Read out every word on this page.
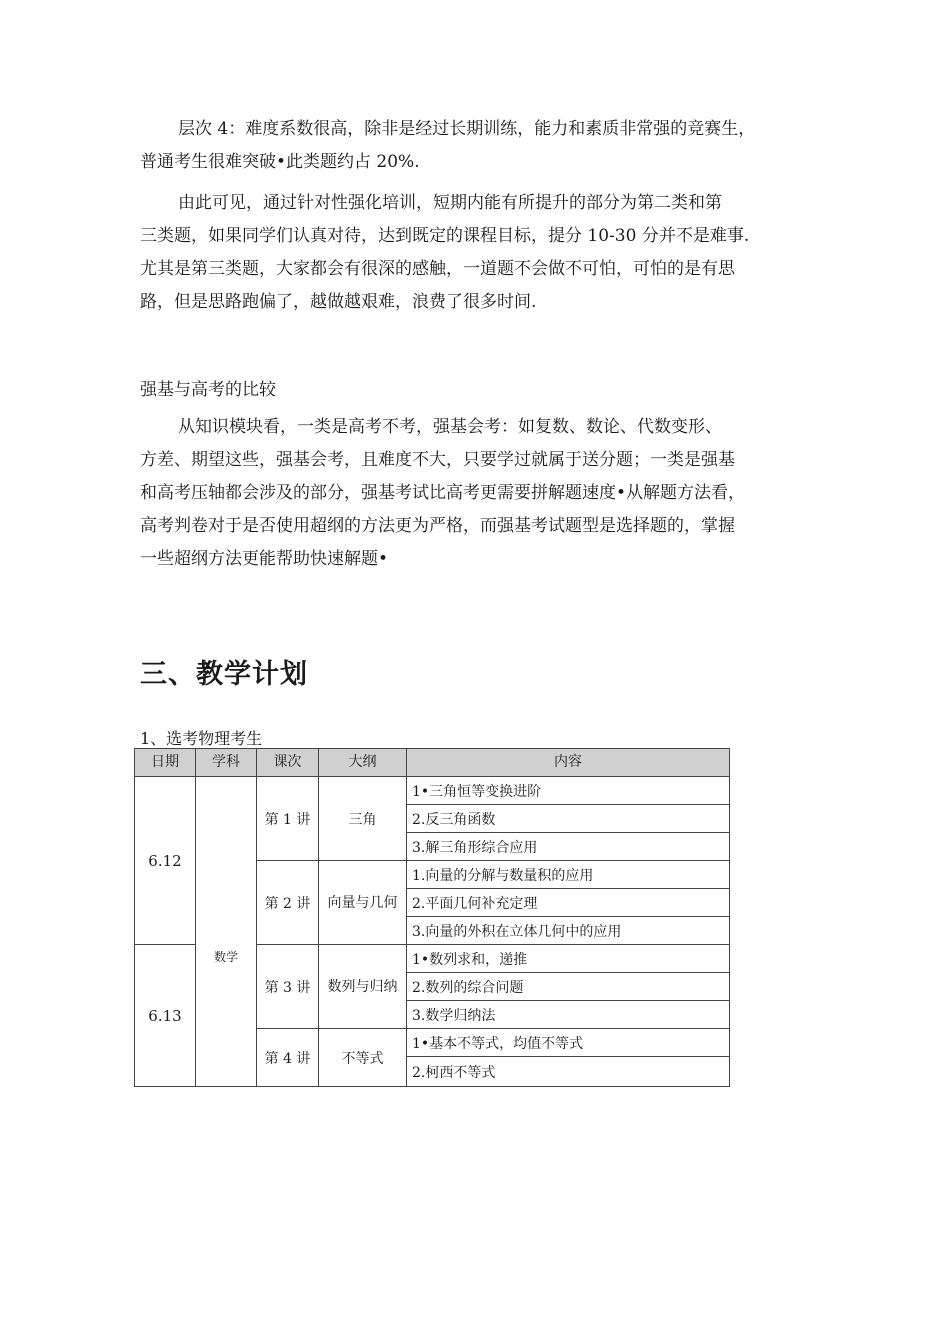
层次 4：难度系数很高，除非是经过长期训练，能力和素质非常强的竞赛生，
普通考生很难突破•此类题约占 20%.
由此可见，通过针对性强化培训，短期内能有所提升的部分为第二类和第
三类题，如果同学们认真对待，达到既定的课程目标，提分 10-30 分并不是难事.
尤其是第三类题，大家都会有很深的感触，一道题不会做不可怕，可怕的是有思
路，但是思路跑偏了，越做越艰难，浪费了很多时间.
强基与高考的比较
从知识模块看，一类是高考不考，强基会考：如复数、数论、代数变形、
方差、期望这些，强基会考，且难度不大，只要学过就属于送分题；一类是强基
和高考压轴都会涉及的部分，强基考试比高考更需要拼解题速度•从解题方法看，
高考判卷对于是否使用超纲的方法更为严格，而强基考试题型是选择题的，掌握
一些超纲方法更能帮助快速解题•
三、教学计划

1、选考物理考生

日期	学科	课次	大纲	内容
6.12	数学	第 1 讲	三角	1•三角恒等变换进阶
				2.反三角函数
				3.解三角形综合应用
		第 2 讲	向量与几何	1.向量的分解与数量积的应用
				2.平面几何补充定理
				3.向量的外积在立体几何中的应用
6.13		第 3 讲	数列与归纳	1•数列求和，递推
				2.数列的综合问题
				3.数学归纳法
		第 4 讲	不等式	1•基本不等式，均值不等式
				2.柯西不等式
